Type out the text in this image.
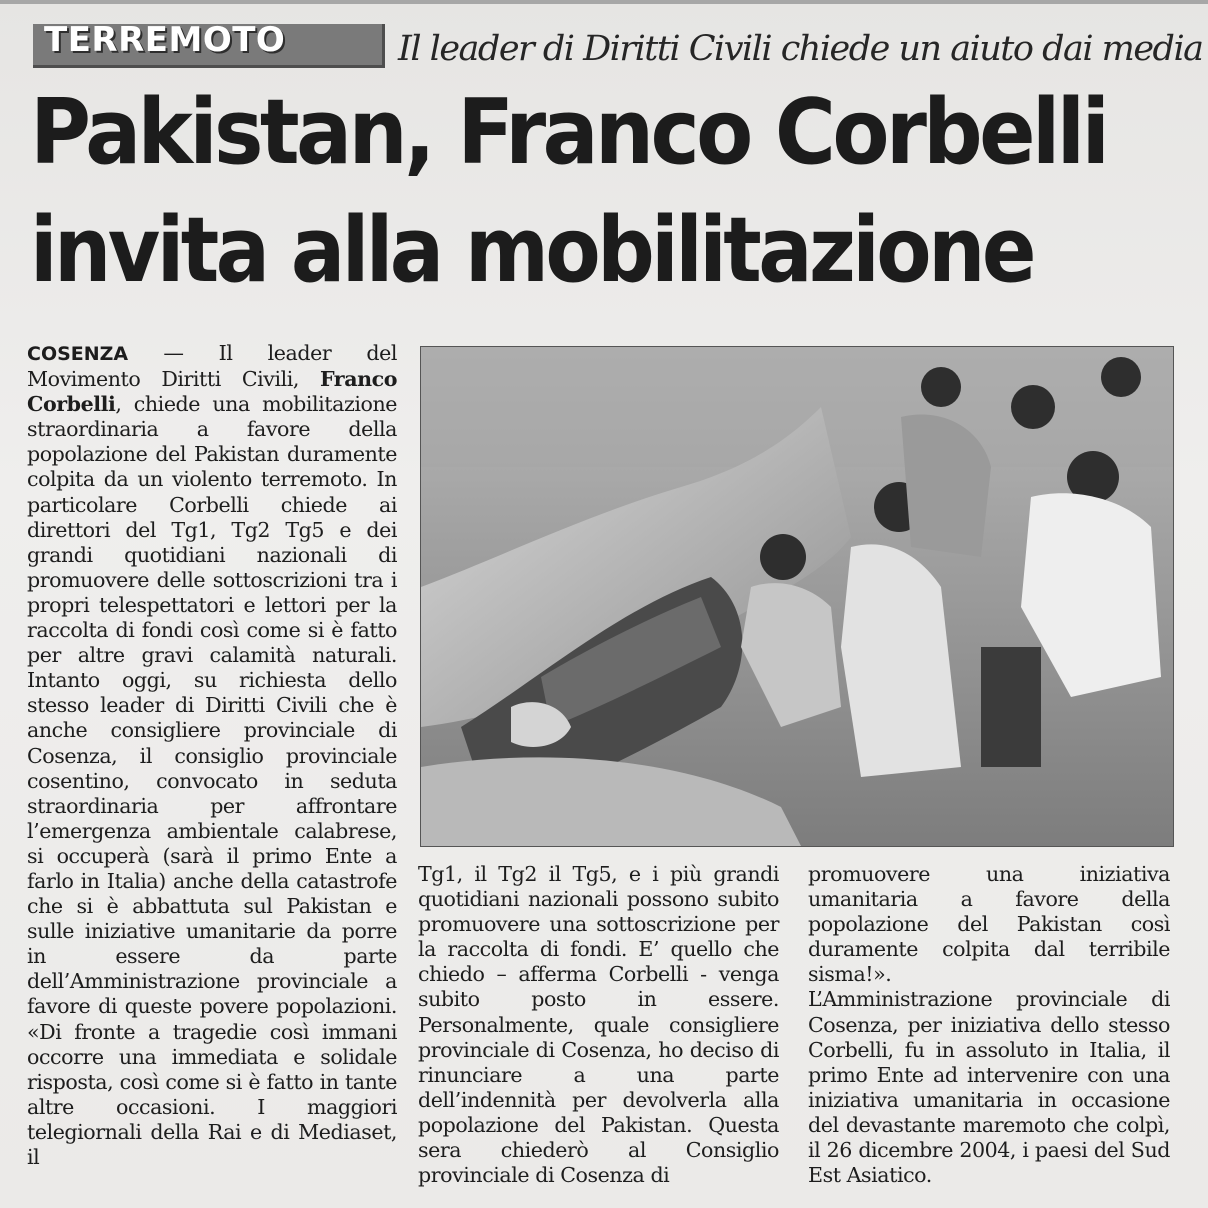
TERREMOTO	Il leader di Diritti Civili chiede un aiuto dai media
Pakistan, Franco Corbelli
invita alla mobilitazione

COSENZA — Il leader del Movimento Diritti Civili, Franco Corbelli, chiede una mobilitazione straordinaria a favore della popolazione del Pakistan duramente colpita da un violento terremoto. In particolare Corbelli chiede ai direttori del Tg1, Tg2 Tg5 e dei grandi quotidiani nazionali di promuovere delle sottoscrizioni tra i propri telespettatori e lettori per la raccolta di fondi così come si è fatto per altre gravi calamità naturali. Intanto oggi, su richiesta dello stesso leader di Diritti Civili che è anche consigliere provinciale di Cosenza, il consiglio provinciale cosentino, convocato in seduta straordinaria per affrontare l’emergenza ambientale calabrese, si occuperà (sarà il primo Ente a farlo in Italia) anche della catastrofe che si è abbattuta sul Pakistan e sulle iniziative umanitarie da porre in essere da parte dell’Amministrazione provinciale a favore di queste povere popolazioni. «Di fronte a tragedie così immani occorre una immediata e solidale risposta, così come si è fatto in tante altre occasioni. I maggiori telegiornali della Rai e di Mediaset, il

Tg1, il Tg2 il Tg5, e i più grandi quotidiani nazionali possono subito promuovere una sottoscrizione per la raccolta di fondi. E’ quello che chiedo – afferma Corbelli - venga subito posto in essere. Personalmente, quale consigliere provinciale di Cosenza, ho deciso di rinunciare a una parte dell’indennità per devolverla alla popolazione del Pakistan. Questa sera chiederò al Consiglio provinciale di Cosenza di

promuovere una iniziativa umanitaria a favore della popolazione del Pakistan così duramente colpita dal terribile sisma!».

L’Amministrazione provinciale di Cosenza, per iniziativa dello stesso Corbelli, fu in assoluto in Italia, il primo Ente ad intervenire con una iniziativa umanitaria in occasione del devastante maremoto che colpì, il 26 dicembre 2004, i paesi del Sud Est Asiatico.
